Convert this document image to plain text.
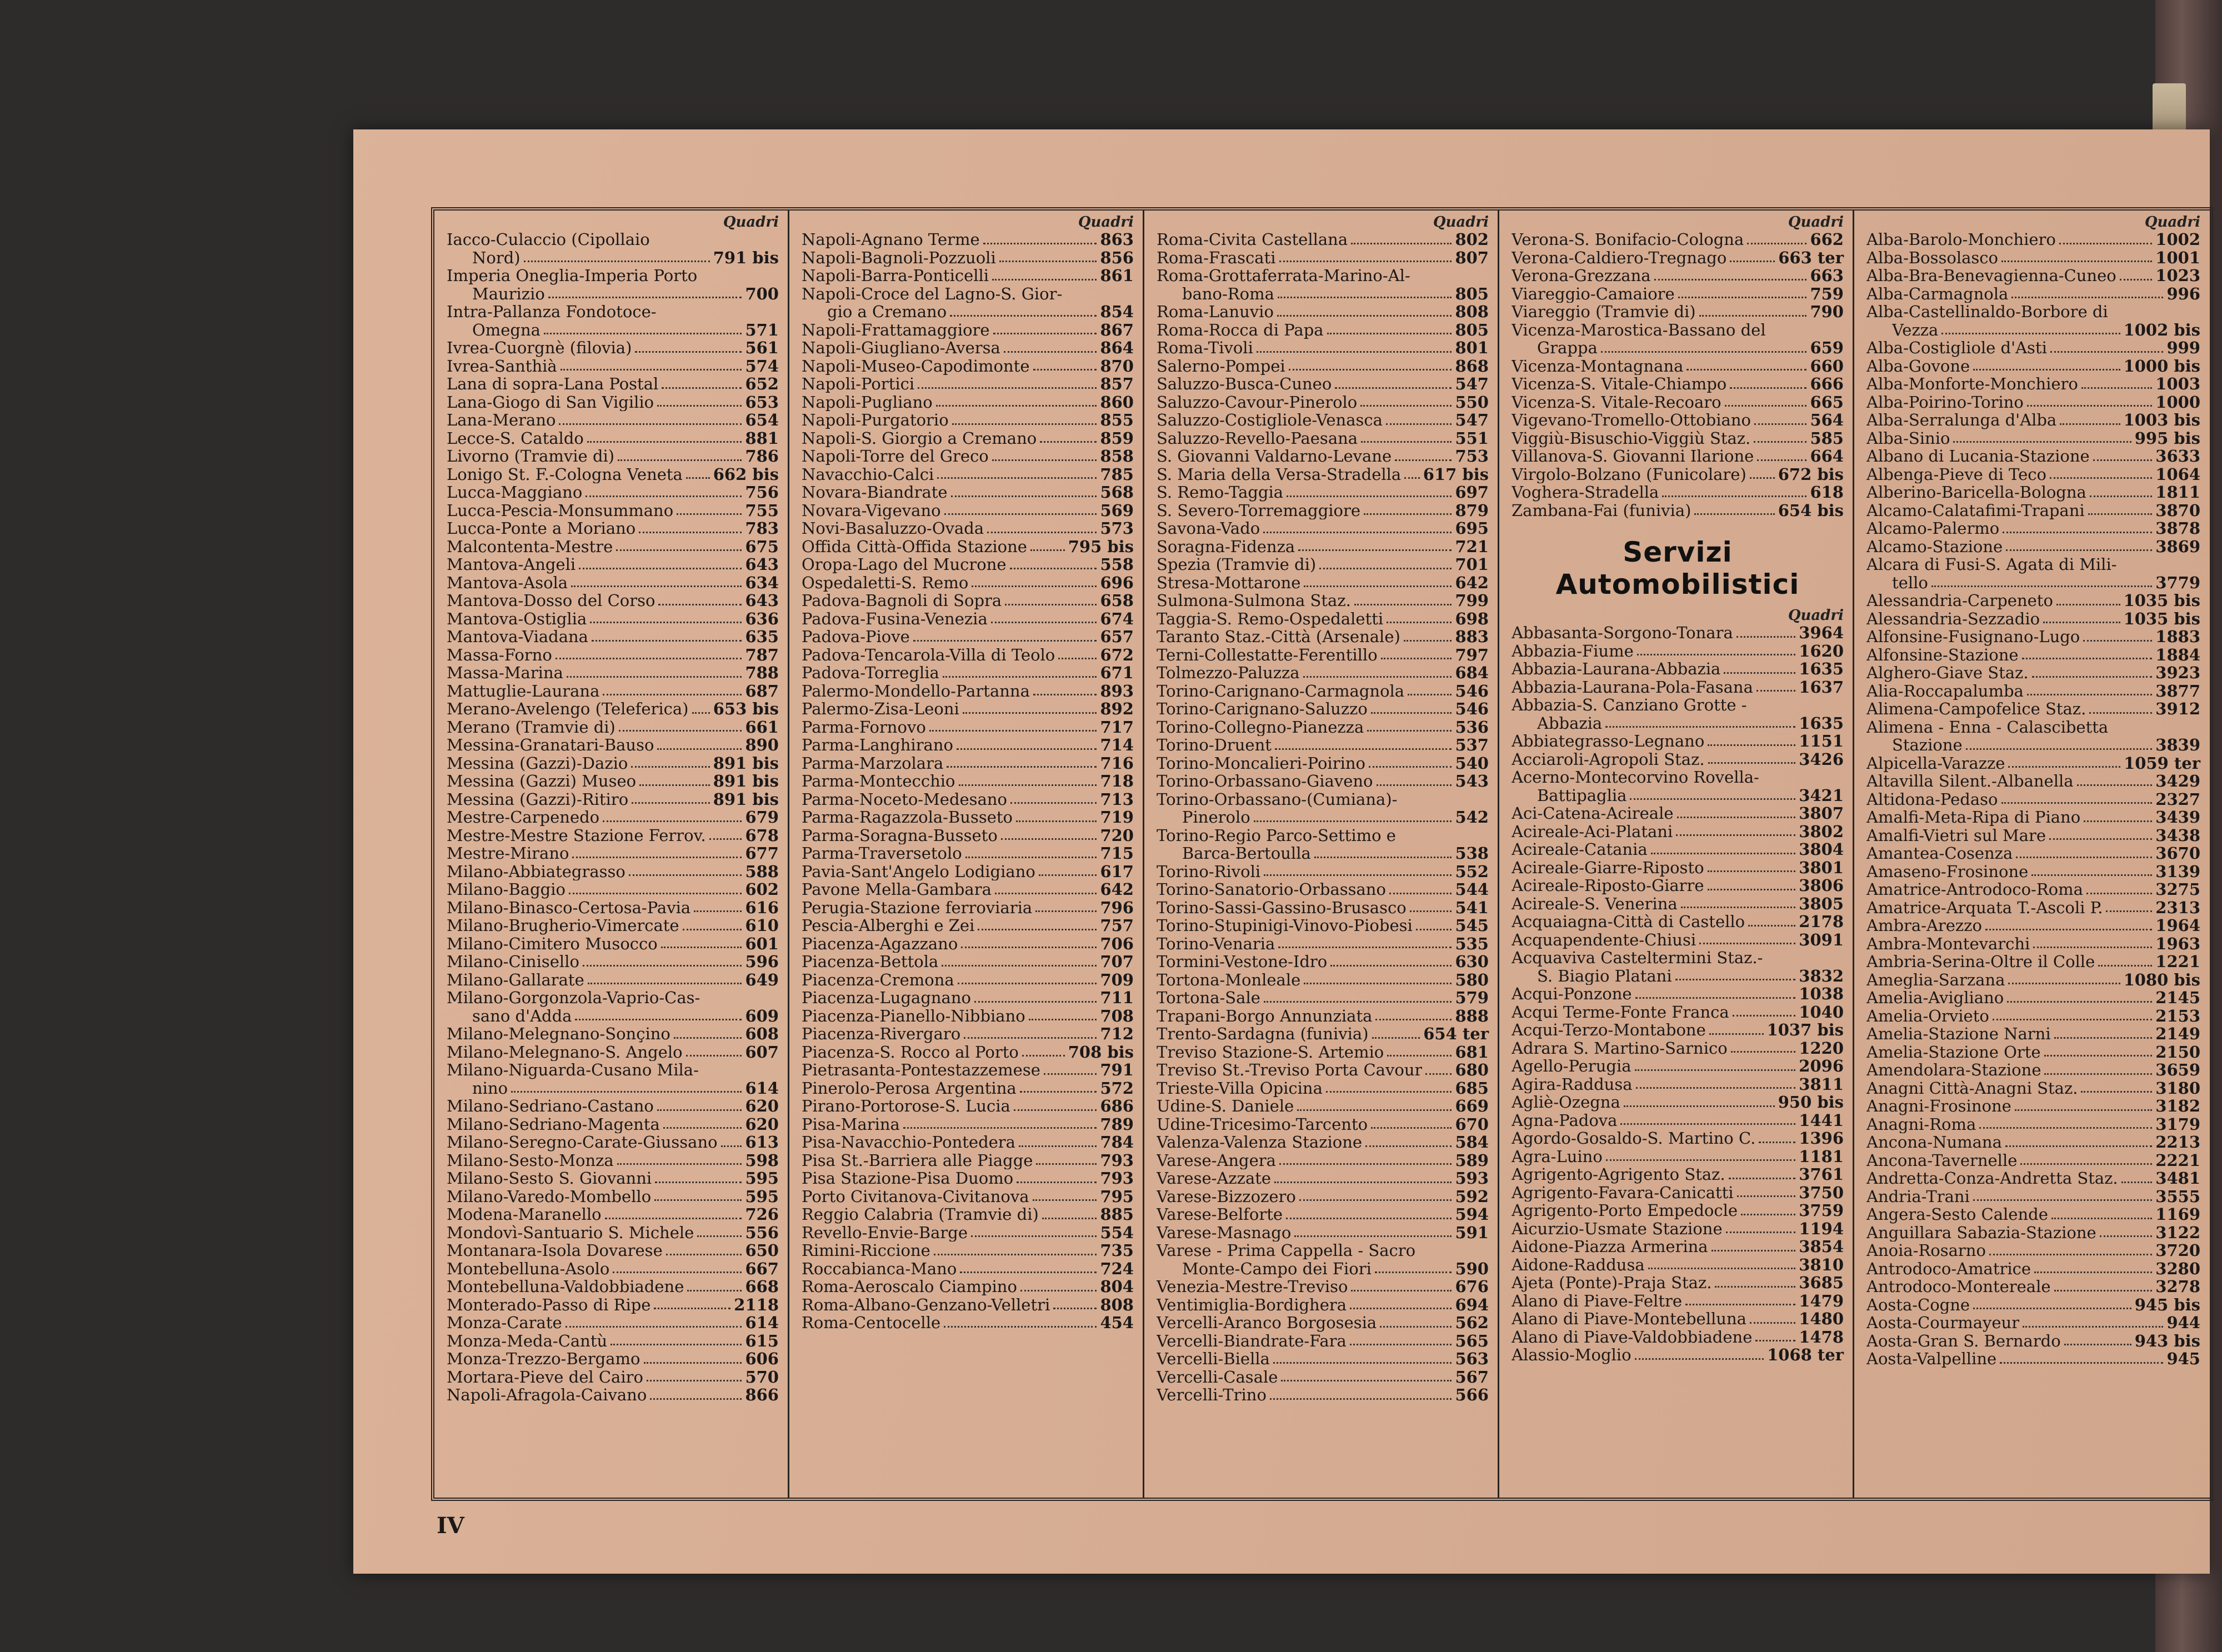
Quadri
Iacco-Culaccio (Cipollaio
Nord)	791 bis
Imperia Oneglia-Imperia Porto
Maurizio	700
Intra-Pallanza Fondotoce-
Omegna	571
Ivrea-Cuorgnè (filovia)	561
Ivrea-Santhià	574
Lana di sopra-Lana Postal	652
Lana-Giogo di San Vigilio	653
Lana-Merano	654
Lecce-S. Cataldo	881
Livorno (Tramvie di)	786
Lonigo St. F.-Cologna Veneta 662 bis
Lucca-Maggiano	756
Lucca-Pescia-Monsummano	755
Lucca-Ponte a Moriano	783
Malcontenta-Mestre	675
Mantova-Angeli	643
Mantova-Asola	634
Mantova-Dosso del Corso	643
Mantova-Ostiglia	636
Mantova-Viadana	635
Massa-Forno	787
Massa-Marina	788
Mattuglie-Laurana	687
Merano-Avelengo (Teleferica) 653 bis
Merano (Tramvie di)	661
Messina-Granatari-Bauso	890
Messina (Gazzi)-Dazio	891 bis
Messina (Gazzi) Museo	891 bis
Messina (Gazzi)-Ritiro	891 bis
Mestre-Carpenedo	679
Mestre-Mestre Stazione Ferrov. 678
Mestre-Mirano	677
Milano-Abbiategrasso	588
Milano-Baggio	602
Milano-Binasco-Certosa-Pavia	616
Milano-Brugherio-Vimercate	610
Milano-Cimitero Musocco	601
Milano-Cinisello	596
Milano-Gallarate	649
Milano-Gorgonzola-Vaprio-Cas-
sano d'Adda	609
Milano-Melegnano-Sonçino	608
Milano-Melegnano-S. Angelo	607
Milano-Niguarda-Cusano Mila-
nino	614
Milano-Sedriano-Castano	620
Milano-Sedriano-Magenta	620
Milano-Seregno-Carate-Giussano 613
Milano-Sesto-Monza	598
Milano-Sesto S. Giovanni	595
Milano-Varedo-Mombello	595
Modena-Maranello	726
Mondovì-Santuario S. Michele	556
Montanara-Isola Dovarese	650
Montebelluna-Asolo	667
Montebelluna-Valdobbiadene	668
Monterado-Passo di Ripe	2118
Monza-Carate	614
Monza-Meda-Cantù	615
Monza-Trezzo-Bergamo	606
Mortara-Pieve del Cairo	570
Napoli-Afragola-Caivano	866
Quadri
Napoli-Agnano Terme	863
Napoli-Bagnoli-Pozzuoli	856
Napoli-Barra-Ponticelli	861
Napoli-Croce del Lagno-S. Gior-
gio a Cremano	854
Napoli-Frattamaggiore	867
Napoli-Giugliano-Aversa	864
Napoli-Museo-Capodimonte	870
Napoli-Portici	857
Napoli-Pugliano	860
Napoli-Purgatorio	855
Napoli-S. Giorgio a Cremano	859
Napoli-Torre del Greco	858
Navacchio-Calci	785
Novara-Biandrate	568
Novara-Vigevano	569
Novi-Basaluzzo-Ovada	573
Offida Città-Offida Stazione	795 bis
Oropa-Lago del Mucrone	558
Ospedaletti-S. Remo	696
Padova-Bagnoli di Sopra	658
Padova-Fusina-Venezia	674
Padova-Piove	657
Padova-Tencarola-Villa di Teolo	672
Padova-Torreglia	671
Palermo-Mondello-Partanna	893
Palermo-Zisa-Leoni	892
Parma-Fornovo	717
Parma-Langhirano	714
Parma-Marzolara	716
Parma-Montecchio	718
Parma-Noceto-Medesano	713
Parma-Ragazzola-Busseto	719
Parma-Soragna-Busseto	720
Parma-Traversetolo	715
Pavia-Sant'Angelo Lodigiano	617
Pavone Mella-Gambara	642
Perugia-Stazione ferroviaria	796
Pescia-Alberghi e Zei	757
Piacenza-Agazzano	706
Piacenza-Bettola	707
Piacenza-Cremona	709
Piacenza-Lugagnano	711
Piacenza-Pianello-Nibbiano	708
Piacenza-Rivergaro	712
Piacenza-S. Rocco al Porto	708 bis
Pietrasanta-Pontestazzemese	791
Pinerolo-Perosa Argentina	572
Pirano-Portorose-S. Lucia	686
Pisa-Marina	789
Pisa-Navacchio-Pontedera	784
Pisa St.-Barriera alle Piagge	793
Pisa Stazione-Pisa Duomo	793
Porto Civitanova-Civitanova	795
Reggio Calabria (Tramvie di)	885
Revello-Envie-Barge	554
Rimini-Riccione	735
Roccabianca-Mano	724
Roma-Aeroscalo Ciampino	804
Roma-Albano-Genzano-Velletri	808
Roma-Centocelle	454
Quadri
Roma-Civita Castellana	802
Roma-Frascati	807
Roma-Grottaferrata-Marino-Al-
bano-Roma	805
Roma-Lanuvio	808
Roma-Rocca di Papa	805
Roma-Tivoli	801
Salerno-Pompei	868
Saluzzo-Busca-Cuneo	547
Saluzzo-Cavour-Pinerolo	550
Saluzzo-Costigliole-Venasca	547
Saluzzo-Revello-Paesana	551
S. Giovanni Valdarno-Levane	753
S. Maria della Versa-Stradella 617 bis
S. Remo-Taggia	697
S. Severo-Torremaggiore	879
Savona-Vado	695
Soragna-Fidenza	721
Spezia (Tramvie di)	701
Stresa-Mottarone	642
Sulmona-Sulmona Staz.	799
Taggia-S. Remo-Ospedaletti	698
Taranto Staz.-Città (Arsenale)	883
Terni-Collestatte-Ferentillo	797
Tolmezzo-Paluzza	684
Torino-Carignano-Carmagnola	546
Torino-Carignano-Saluzzo	546
Torino-Collegno-Pianezza	536
Torino-Druent	537
Torino-Moncalieri-Poirino	540
Torino-Orbassano-Giaveno	543
Torino-Orbassano-(Cumiana)-
Pinerolo	542
Torino-Regio Parco-Settimo e
Barca-Bertoulla	538
Torino-Rivoli	552
Torino-Sanatorio-Orbassano	544
Torino-Sassi-Gassino-Brusasco	541
Torino-Stupinigi-Vinovo-Piobesi	545
Torino-Venaria	535
Tormini-Vestone-Idro	630
Tortona-Monleale	580
Tortona-Sale	579
Trapani-Borgo Annunziata	888
Trento-Sardagna (funivia)	654 ter
Treviso Stazione-S. Artemio	681
Treviso St.-Treviso Porta Cavour 680
Trieste-Villa Opicina	685
Udine-S. Daniele	669
Udine-Tricesimo-Tarcento	670
Valenza-Valenza Stazione	584
Varese-Angera	589
Varese-Azzate	593
Varese-Bizzozero	592
Varese-Belforte	594
Varese-Masnago	591
Varese - Prima Cappella - Sacro
Monte-Campo dei Fiori	590
Venezia-Mestre-Treviso	676
Ventimiglia-Bordighera	694
Vercelli-Aranco Borgosesia	562
Vercelli-Biandrate-Fara	565
Vercelli-Biella	563
Vercelli-Casale	567
Vercelli-Trino	566
Quadri
Verona-S. Bonifacio-Cologna	662
Verona-Caldiero-Tregnago	663 ter
Verona-Grezzana	663
Viareggio-Camaiore	759
Viareggio (Tramvie di)	790
Vicenza-Marostica-Bassano del
Grappa	659
Vicenza-Montagnana	660
Vicenza-S. Vitale-Chiampo	666
Vicenza-S. Vitale-Recoaro	665
Vigevano-Tromello-Ottobiano	564
Viggiù-Bisuschio-Viggiù Staz.	585
Villanova-S. Giovanni Ilarione	664
Virgolo-Bolzano (Funicolare) 672 bis
Voghera-Stradella	618
Zambana-Fai (funivia)	654 bis
Servizi Automobilistici
Quadri
Abbasanta-Sorgono-Tonara	3964
Abbazia-Fiume	1620
Abbazia-Laurana-Abbazia	1635
Abbazia-Laurana-Pola-Fasana	1637
Abbazia-S. Canziano Grotte -
Abbazia	1635
Abbiategrasso-Legnano	1151
Acciaroli-Agropoli Staz.	3426
Acerno-Montecorvino Rovella-
Battipaglia	3421
Aci-Catena-Acireale	3807
Acireale-Aci-Platani	3802
Acireale-Catania	3804
Acireale-Giarre-Riposto	3801
Acireale-Riposto-Giarre	3806
Acireale-S. Venerina	3805
Acquaiagna-Città di Castello	2178
Acquapendente-Chiusi	3091
Acquaviva Casteltermini Staz.-
S. Biagio Platani	3832
Acqui-Ponzone	1038
Acqui Terme-Fonte Franca	1040
Acqui-Terzo-Montabone	1037 bis
Adrara S. Martino-Sarnico	1220
Agello-Perugia	2096
Agira-Raddusa	3811
Agliè-Ozegna	950 bis
Agna-Padova	1441
Agordo-Gosaldo-S. Martino C.	1396
Agra-Luino	1181
Agrigento-Agrigento Staz.	3761
Agrigento-Favara-Canicatti	3750
Agrigento-Porto Empedocle	3759
Aicurzio-Usmate Stazione	1194
Aidone-Piazza Armerina	3854
Aidone-Raddusa	3810
Ajeta (Ponte)-Praja Staz.	3685
Alano di Piave-Feltre	1479
Alano di Piave-Montebelluna	1480
Alano di Piave-Valdobbiadene	1478
Alassio-Moglio	1068 ter
Quadri
Alba-Barolo-Monchiero	1002
Alba-Bossolasco	1001
Alba-Bra-Benevagienna-Cuneo 1023
Alba-Carmagnola	996
Alba-Castellinaldo-Borbore di
Vezza	1002 bis
Alba-Costigliole d'Asti	999
Alba-Govone	1000 bis
Alba-Monforte-Monchiero	1003
Alba-Poirino-Torino	1000
Alba-Serralunga d'Alba	1003 bis
Alba-Sinio	995 bis
Albano di Lucania-Stazione	3633
Albenga-Pieve di Teco	1064
Alberino-Baricella-Bologna	1811
Alcamo-Calatafimi-Trapani	3870
Alcamo-Palermo	3878
Alcamo-Stazione	3869
Alcara di Fusi-S. Agata di Mili-
tello	3779
Alessandria-Carpeneto	1035 bis
Alessandria-Sezzadio	1035 bis
Alfonsine-Fusignano-Lugo	1883
Alfonsine-Stazione	1884
Alghero-Giave Staz.	3923
Alia-Roccapalumba	3877
Alimena-Campofelice Staz.	3912
Alimena - Enna - Calascibetta
Stazione	3839
Alpicella-Varazze	1059 ter
Altavilla Silent.-Albanella	3429
Altidona-Pedaso	2327
Amalfi-Meta-Ripa di Piano	3439
Amalfi-Vietri sul Mare	3438
Amantea-Cosenza	3670
Amaseno-Frosinone	3139
Amatrice-Antrodoco-Roma	3275
Amatrice-Arquata T.-Ascoli P.	2313
Ambra-Arezzo	1964
Ambra-Montevarchi	1963
Ambria-Serina-Oltre il Colle	1221
Ameglia-Sarzana	1080 bis
Amelia-Avigliano	2145
Amelia-Orvieto	2153
Amelia-Stazione Narni	2149
Amelia-Stazione Orte	2150
Amendolara-Stazione	3659
Anagni Città-Anagni Staz.	3180
Anagni-Frosinone	3182
Anagni-Roma	3179
Ancona-Numana	2213
Ancona-Tavernelle	2221
Andretta-Conza-Andretta Staz. 3481
Andria-Trani	3555
Angera-Sesto Calende	1169
Anguillara Sabazia-Stazione	3122
Anoia-Rosarno	3720
Antrodoco-Amatrice	3280
Antrodoco-Montereale	3278
Aosta-Cogne	945 bis
Aosta-Courmayeur	944
Aosta-Gran S. Bernardo	943 bis
Aosta-Valpelline	945
IV
